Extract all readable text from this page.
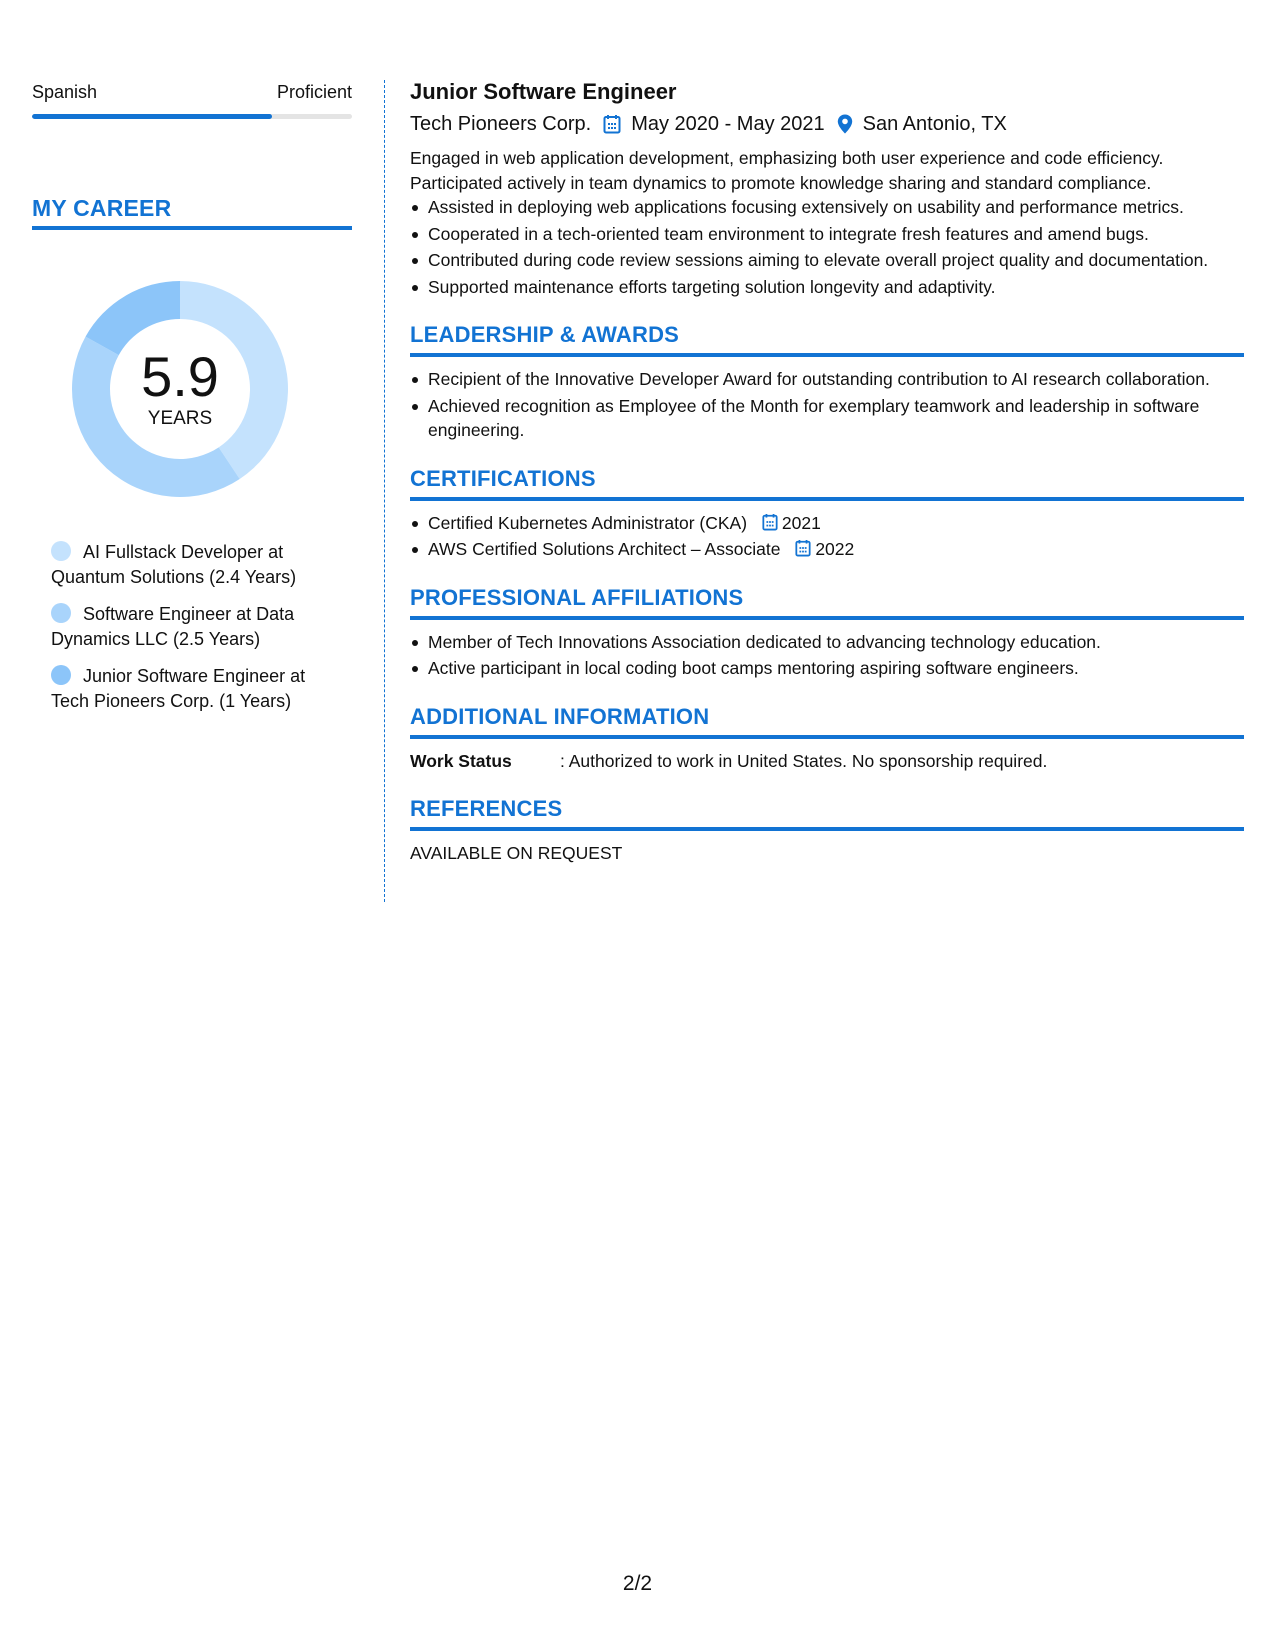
Spanish	Proficient
MY CAREER
5.9
YEARS
AI Fullstack Developer at Quantum Solutions (2.4 Years)
Software Engineer at Data Dynamics LLC (2.5 Years)
Junior Software Engineer at Tech Pioneers Corp. (1 Years)
Junior Software Engineer
Tech Pioneers Corp. May 2020 - May 2021 San Antonio, TX
Engaged in web application development, emphasizing both user experience and code efficiency. Participated actively in team dynamics to promote knowledge sharing and standard compliance.
Assisted in deploying web applications focusing extensively on usability and performance metrics.
Cooperated in a tech-oriented team environment to integrate fresh features and amend bugs.
Contributed during code review sessions aiming to elevate overall project quality and documentation.
Supported maintenance efforts targeting solution longevity and adaptivity.
LEADERSHIP & AWARDS
Recipient of the Innovative Developer Award for outstanding contribution to AI research collaboration.
Achieved recognition as Employee of the Month for exemplary teamwork and leadership in software engineering.
CERTIFICATIONS
Certified Kubernetes Administrator (CKA) 2021
AWS Certified Solutions Architect – Associate 2022
PROFESSIONAL AFFILIATIONS
Member of Tech Innovations Association dedicated to advancing technology education.
Active participant in local coding boot camps mentoring aspiring software engineers.
ADDITIONAL INFORMATION
Work Status	: Authorized to work in United States. No sponsorship required.
REFERENCES
AVAILABLE ON REQUEST
2/2
